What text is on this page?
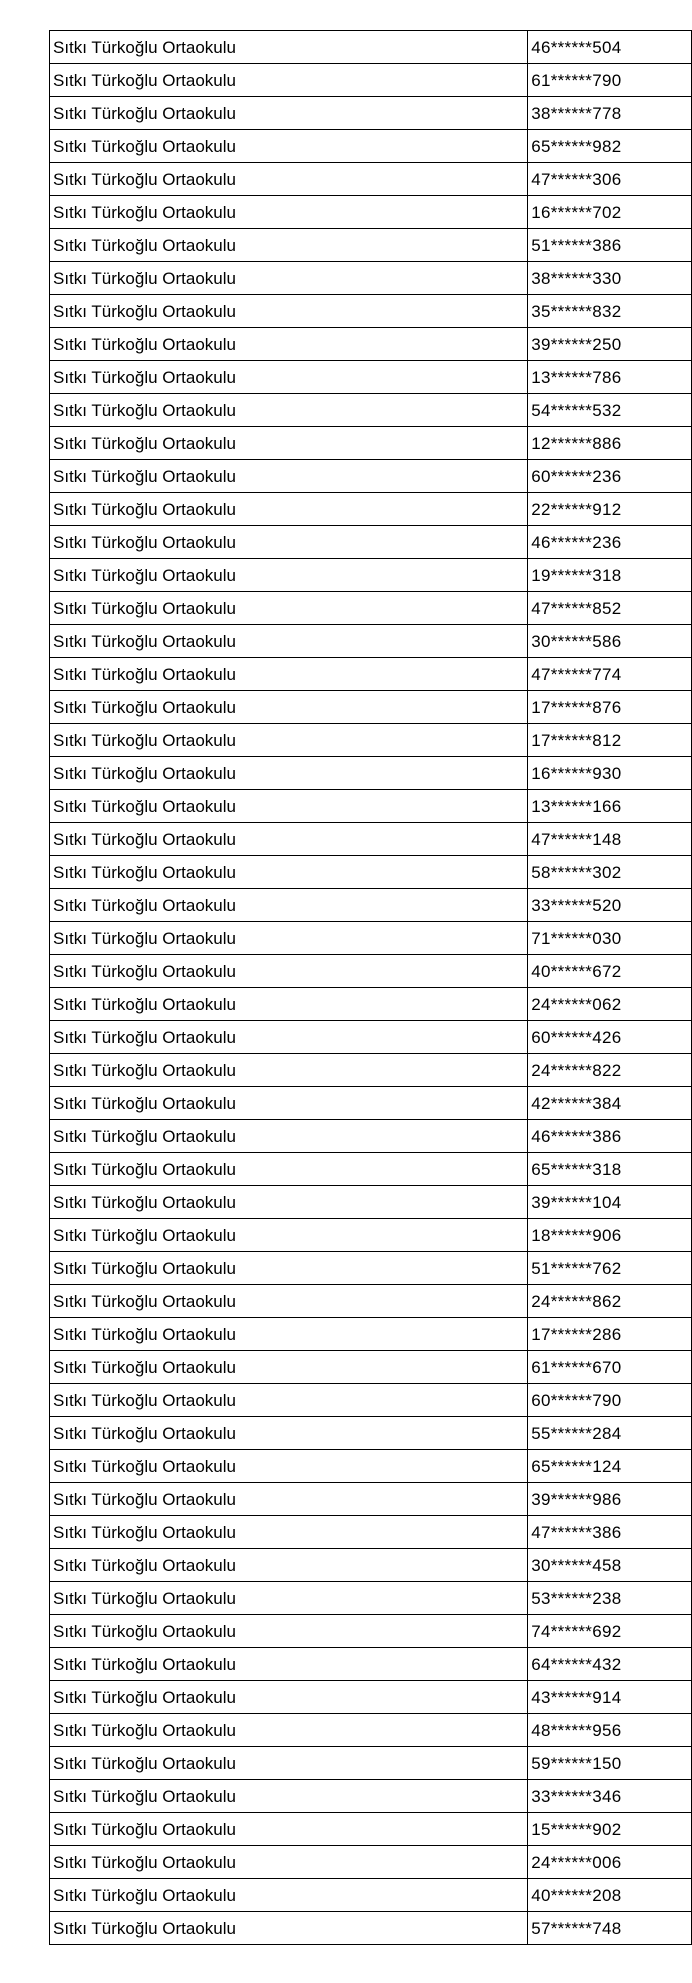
Sıtkı Türkoğlu Ortaokulu	46******504
Sıtkı Türkoğlu Ortaokulu	61******790
Sıtkı Türkoğlu Ortaokulu	38******778
Sıtkı Türkoğlu Ortaokulu	65******982
Sıtkı Türkoğlu Ortaokulu	47******306
Sıtkı Türkoğlu Ortaokulu	16******702
Sıtkı Türkoğlu Ortaokulu	51******386
Sıtkı Türkoğlu Ortaokulu	38******330
Sıtkı Türkoğlu Ortaokulu	35******832
Sıtkı Türkoğlu Ortaokulu	39******250
Sıtkı Türkoğlu Ortaokulu	13******786
Sıtkı Türkoğlu Ortaokulu	54******532
Sıtkı Türkoğlu Ortaokulu	12******886
Sıtkı Türkoğlu Ortaokulu	60******236
Sıtkı Türkoğlu Ortaokulu	22******912
Sıtkı Türkoğlu Ortaokulu	46******236
Sıtkı Türkoğlu Ortaokulu	19******318
Sıtkı Türkoğlu Ortaokulu	47******852
Sıtkı Türkoğlu Ortaokulu	30******586
Sıtkı Türkoğlu Ortaokulu	47******774
Sıtkı Türkoğlu Ortaokulu	17******876
Sıtkı Türkoğlu Ortaokulu	17******812
Sıtkı Türkoğlu Ortaokulu	16******930
Sıtkı Türkoğlu Ortaokulu	13******166
Sıtkı Türkoğlu Ortaokulu	47******148
Sıtkı Türkoğlu Ortaokulu	58******302
Sıtkı Türkoğlu Ortaokulu	33******520
Sıtkı Türkoğlu Ortaokulu	71******030
Sıtkı Türkoğlu Ortaokulu	40******672
Sıtkı Türkoğlu Ortaokulu	24******062
Sıtkı Türkoğlu Ortaokulu	60******426
Sıtkı Türkoğlu Ortaokulu	24******822
Sıtkı Türkoğlu Ortaokulu	42******384
Sıtkı Türkoğlu Ortaokulu	46******386
Sıtkı Türkoğlu Ortaokulu	65******318
Sıtkı Türkoğlu Ortaokulu	39******104
Sıtkı Türkoğlu Ortaokulu	18******906
Sıtkı Türkoğlu Ortaokulu	51******762
Sıtkı Türkoğlu Ortaokulu	24******862
Sıtkı Türkoğlu Ortaokulu	17******286
Sıtkı Türkoğlu Ortaokulu	61******670
Sıtkı Türkoğlu Ortaokulu	60******790
Sıtkı Türkoğlu Ortaokulu	55******284
Sıtkı Türkoğlu Ortaokulu	65******124
Sıtkı Türkoğlu Ortaokulu	39******986
Sıtkı Türkoğlu Ortaokulu	47******386
Sıtkı Türkoğlu Ortaokulu	30******458
Sıtkı Türkoğlu Ortaokulu	53******238
Sıtkı Türkoğlu Ortaokulu	74******692
Sıtkı Türkoğlu Ortaokulu	64******432
Sıtkı Türkoğlu Ortaokulu	43******914
Sıtkı Türkoğlu Ortaokulu	48******956
Sıtkı Türkoğlu Ortaokulu	59******150
Sıtkı Türkoğlu Ortaokulu	33******346
Sıtkı Türkoğlu Ortaokulu	15******902
Sıtkı Türkoğlu Ortaokulu	24******006
Sıtkı Türkoğlu Ortaokulu	40******208
Sıtkı Türkoğlu Ortaokulu	57******748
